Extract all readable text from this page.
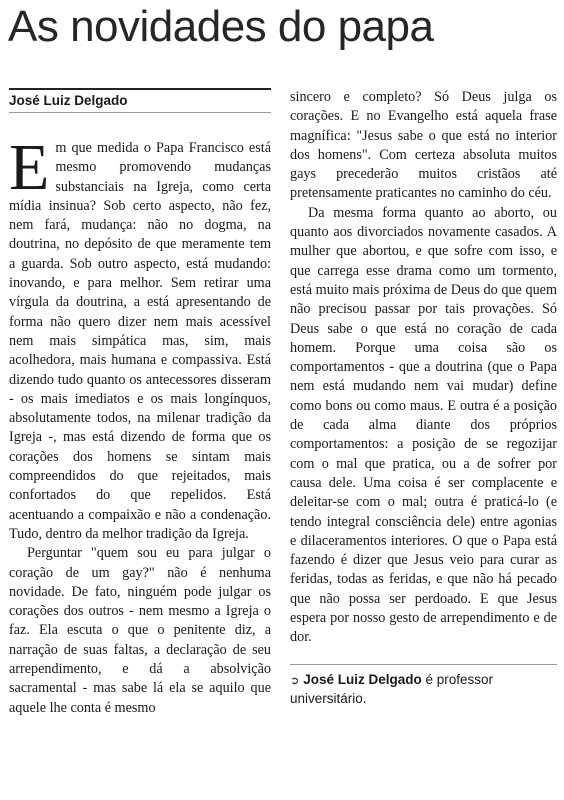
As novidades do papa
José Luiz Delgado

Em que medida o Papa Francisco está mesmo promovendo mudanças substanciais na Igreja, como certa mídia insinua? Sob certo aspecto, não fez, nem fará, mudança: não no dogma, na doutrina, no depósito de que meramente tem a guarda. Sob outro aspecto, está mudando: inovando, e para melhor. Sem retirar uma vírgula da doutrina, a está apresentando de forma não quero dizer nem mais acessível nem mais simpática mas, sim, mais acolhedora, mais humana e compassiva. Está dizendo tudo quanto os antecessores disseram - os mais imediatos e os mais longínquos, absolutamente todos, na milenar tradição da Igreja -, mas está dizendo de forma que os corações dos homens se sintam mais compreendidos do que rejeitados, mais confortados do que repelidos. Está acentuando a compaixão e não a condenação. Tudo, dentro da melhor tradição da Igreja.

Perguntar "quem sou eu para julgar o coração de um gay?" não é nenhuma novidade. De fato, ninguém pode julgar os corações dos outros - nem mesmo a Igreja o faz. Ela escuta o que o penitente diz, a narração de suas faltas, a declaração de seu arrependimento, e dá a absolvição sacramental - mas sabe lá ela se aquilo que aquele lhe conta é mesmo

sincero e completo? Só Deus julga os corações. E no Evangelho está aquela frase magnífica: "Jesus sabe o que está no interior dos homens". Com certeza absoluta muitos gays precederão muitos cristãos até pretensamente praticantes no caminho do céu.

Da mesma forma quanto ao aborto, ou quanto aos divorciados novamente casados. A mulher que abortou, e que sofre com isso, e que carrega esse drama como um tormento, está muito mais próxima de Deus do que quem não precisou passar por tais provações. Só Deus sabe o que está no coração de cada homem. Porque uma coisa são os comportamentos - que a doutrina (que o Papa nem está mudando nem vai mudar) define como bons ou como maus. E outra é a posição de cada alma diante dos próprios comportamentos: a posição de se regozijar com o mal que pratica, ou a de sofrer por causa dele. Uma coisa é ser complacente e deleitar-se com o mal; outra é praticá-lo (e tendo integral consciência dele) entre agonias e dilaceramentos interiores. O que o Papa está fazendo é dizer que Jesus veio para curar as feridas, todas as feridas, e que não há pecado que não possa ser perdoado. E que Jesus espera por nosso gesto de arrependimento e de dor.

➲ José Luiz Delgado é professor universitário.
